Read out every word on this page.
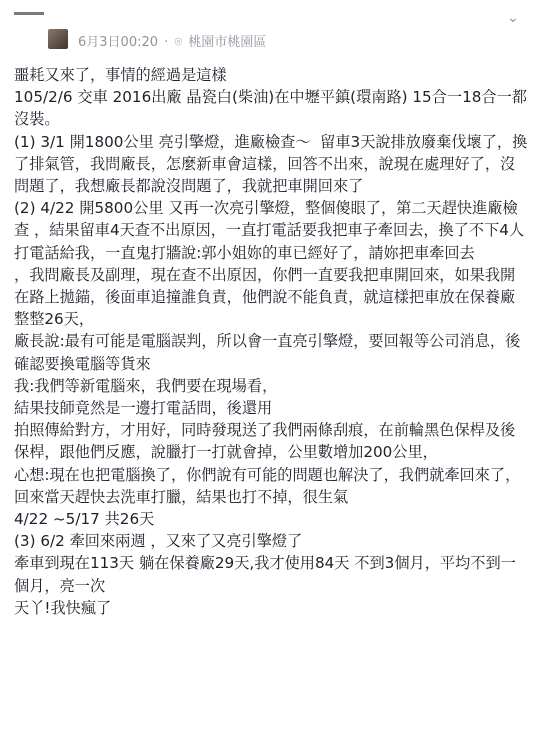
6月3日00:20 · ⌾ 桃園市桃園區
⌄

噩耗又來了，事情的經過是這樣

105/2/6 交車 2016出廠 晶瓷白(柴油)在中壢平鎮(環南路) 15合一18合一都沒裝。

(1) 3/1 開1800公里 亮引擎燈，進廠檢查～  留車3天說排放廢棄伐壞了，換了排氣管，我問廠長，怎麼新車會這樣，回答不出來，說現在處理好了，沒問題了，我想廠長都說沒問題了，我就把車開回來了

(2) 4/22 開5800公里 又再一次亮引擎燈，整個傻眼了，第二天趕快進廠檢查 ，結果留車4天查不出原因，一直打電話要我把車子牽回去，換了不下4人打電話給我，一直鬼打牆說:郭小姐妳的車已經好了，請妳把車牽回去

，我問廠長及副理，現在查不出原因，你們一直要我把車開回來，如果我開在路上拋錨，後面車追撞誰負責，他們說不能負責，就這樣把車放在保養廠整整26天，

廠長說:最有可能是電腦誤判，所以會一直亮引擎燈，要回報等公司消息，後確認要換電腦等貨來

我:我們等新電腦來，我們要在現場看，

結果技師竟然是一邊打電話問，後還用

拍照傳給對方，才用好，同時發現送了我們兩條刮痕，在前輪黑色保桿及後保桿，跟他們反應，說臘打一打就會掉，公里數增加200公里，

心想:現在也把電腦換了，你們說有可能的問題也解決了，我們就牽回來了，回來當天趕快去洗車打臘，結果也打不掉，很生氣

4/22 ~5/17 共26天

(3) 6/2 牽回來兩週 ，又來了又亮引擎燈了

牽車到現在113天 躺在保養廠29天,我才使用84天 不到3個月，平均不到一個月，亮一次

天丫!我快瘋了
